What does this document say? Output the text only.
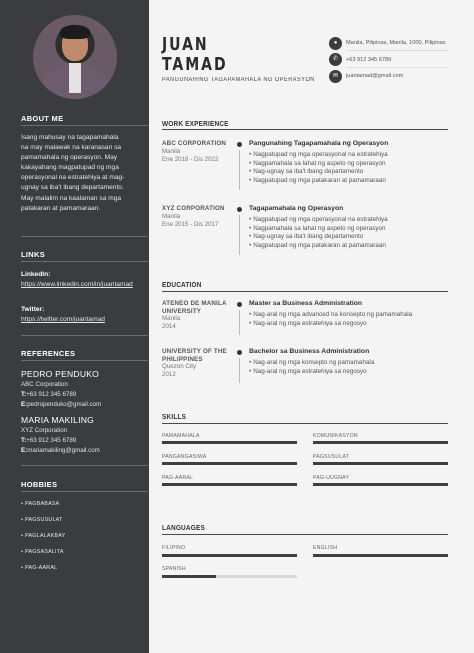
ABOUT ME
Isang mahusay na tagapamahala na may malawak na karanasan sa pamamahala ng operasyon. May kakayahang magpatupad ng mga operasyonal na estratehiya at mag-ugnay sa iba't ibang departamento. May malalim na kaalaman sa mga patakaran at pamamaraan.
LINKS
LinkedIn:
https://www.linkedin.com/in/juantamad
Twitter:
https://twitter.com/juantamad
REFERENCES
PEDRO PENDUKO
ABC Corporation
T:+63 912 345 6789
E:pedropenduko@gmail.com
MARIA MAKILING
XYZ Corporation
T:+63 912 345 6789
E:mariamakiling@gmail.com
HOBBIES
• PAGBABASA
• PAGSUSULAT
• PAGLALAKBAY
• PAGSASALITA
• PAG-AARAL
JUAN
TAMAD
PANGUNAHING TAGAPAMAHALA NG OPERASYON
●	Manila, Pilipinas, Manila, 1000, Pilipinas
✆	+63 912 345 6789
✉	juantamad@gmail.com
WORK EXPERIENCE
ABC CORPORATION
Manila
Ene 2018 - Dis 2022
Pangunahing Tagapamahala ng Operasyon
• Nagpatupad ng mga operasyonal na estratehiya
• Nagpamahala sa lahat ng aspeto ng operasyon
• Nag-ugnay sa iba't ibang departamento
• Nagpatupad ng mga patakaran at pamamaraan
XYZ CORPORATION
Manila
Ene 2015 - Dis 2017
Tagapamahala ng Operasyon
• Nagpatupad ng mga operasyonal na estratehiya
• Nagpamahala sa lahat ng aspeto ng operasyon
• Nag-ugnay sa iba't ibang departamento
• Nagpatupad ng mga patakaran at pamamaraan
EDUCATION
ATENEO DE MANILA UNIVERSITY
Manila
2014
Master sa Business Administration
• Nag-aral ng mga advanced na konsepto ng pamamahala
• Nag-aral ng mga estratehiya sa negosyo
UNIVERSITY OF THE PHILIPPINES
Quezon City
2012
Bachelor sa Business Administration
• Nag-aral ng mga konsepto ng pamamahala
• Nag-aral ng mga estratehiya sa negosyo
SKILLS
PAMAMAHALA	KOMUNIKASYON
PANGANGASIWA	PAGSUSULAT
PAG-AARAL	PAG-UUGNAY
LANGUAGES
FILIPINO	ENGLISH
SPANISH
